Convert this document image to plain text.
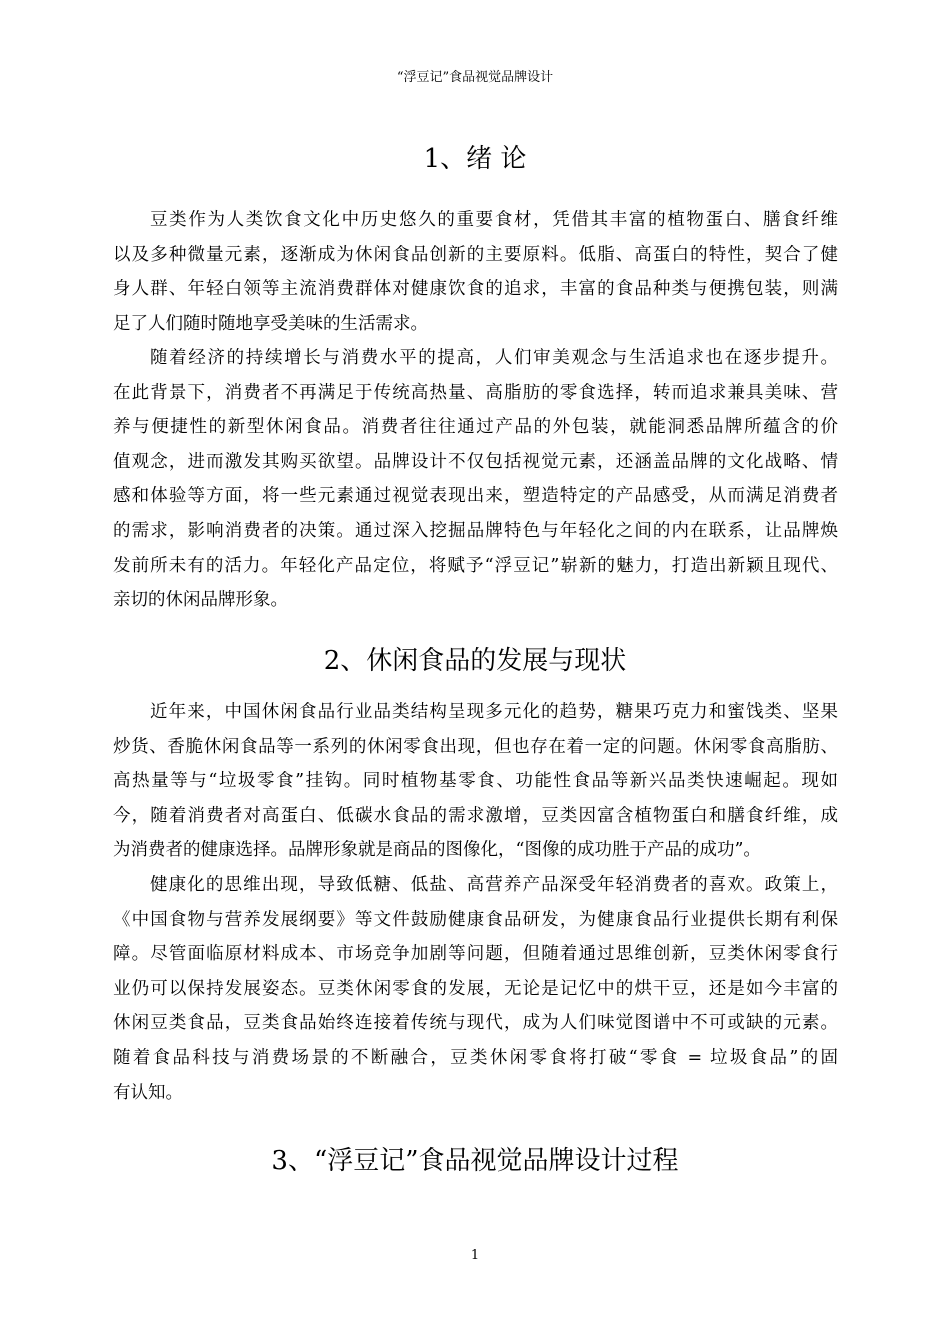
“浮豆记”食品视觉品牌设计
1、绪 论
豆类作为人类饮食文化中历史悠久的重要食材，凭借其丰富的植物蛋白、膳食纤维
以及多种微量元素，逐渐成为休闲食品创新的主要原料。低脂、高蛋白的特性，契合了健
身人群、年轻白领等主流消费群体对健康饮食的追求，丰富的食品种类与便携包装，则满
足了人们随时随地享受美味的生活需求。
随着经济的持续增长与消费水平的提高，人们审美观念与生活追求也在逐步提升。
在此背景下，消费者不再满足于传统高热量、高脂肪的零食选择，转而追求兼具美味、营
养与便捷性的新型休闲食品。消费者往往通过产品的外包装，就能洞悉品牌所蕴含的价
值观念，进而激发其购买欲望。品牌设计不仅包括视觉元素，还涵盖品牌的文化战略、情
感和体验等方面，将一些元素通过视觉表现出来，塑造特定的产品感受，从而满足消费者
的需求，影响消费者的决策。通过深入挖掘品牌特色与年轻化之间的内在联系，让品牌焕
发前所未有的活力。年轻化产品定位，将赋予“浮豆记”崭新的魅力，打造出新颖且现代、
亲切的休闲品牌形象。
2、休闲食品的发展与现状
近年来，中国休闲食品行业品类结构呈现多元化的趋势，糖果巧克力和蜜饯类、坚果
炒货、香脆休闲食品等一系列的休闲零食出现，但也存在着一定的问题。休闲零食高脂肪、
高热量等与“垃圾零食”挂钩。同时植物基零食、功能性食品等新兴品类快速崛起。现如
今，随着消费者对高蛋白、低碳水食品的需求激增，豆类因富含植物蛋白和膳食纤维，成
为消费者的健康选择。品牌形象就是商品的图像化，“图像的成功胜于产品的成功”。
健康化的思维出现，导致低糖、低盐、高营养产品深受年轻消费者的喜欢。政策上，
《中国食物与营养发展纲要》等文件鼓励健康食品研发，为健康食品行业提供长期有利保
障。尽管面临原材料成本、市场竞争加剧等问题，但随着通过思维创新，豆类休闲零食行
业仍可以保持发展姿态。豆类休闲零食的发展，无论是记忆中的烘干豆，还是如今丰富的
休闲豆类食品，豆类食品始终连接着传统与现代，成为人们味觉图谱中不可或缺的元素。
随着食品科技与消费场景的不断融合，豆类休闲零食将打破“零食 = 垃圾食品”的固
有认知。
3、“浮豆记”食品视觉品牌设计过程
1
